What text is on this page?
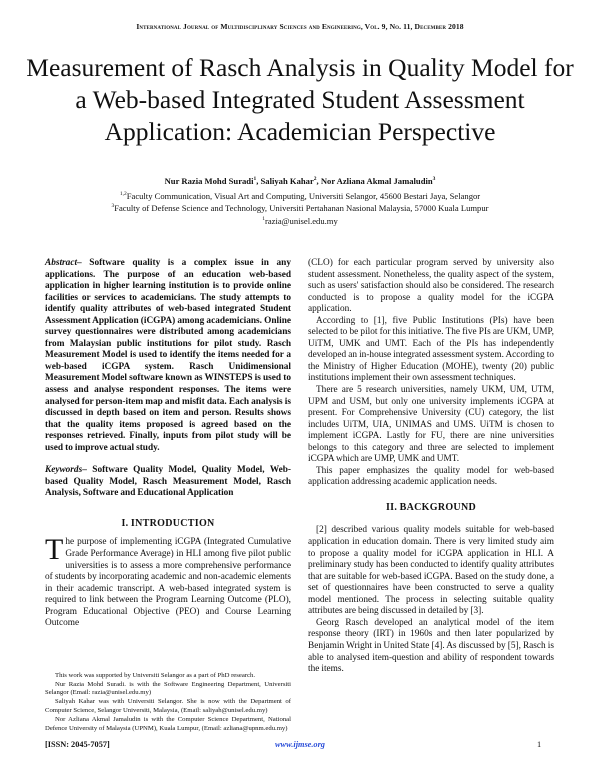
International Journal of Multidisciplinary Sciences and Engineering, Vol. 9, No. 11, December 2018
Measurement of Rasch Analysis in Quality Model for a Web-based Integrated Student Assessment Application: Academician Perspective
Nur Razia Mohd Suradi$^1$, Saliyah Kahar$^2$, Nor Azliana Akmal Jamaludin$^3$
$^{1,2}$Faculty Communication, Visual Art and Computing, Universiti Selangor, 45600 Bestari Jaya, Selangor
$^3$Faculty of Defense Science and Technology, Universiti Pertahanan Nasional Malaysia, 57000 Kuala Lumpur
$^1$razia@unisel.edu.my

Abstract– Software quality is a complex issue in any applications. The purpose of an education web-based application in higher learning institution is to provide online facilities or services to academicians. The study attempts to identify quality attributes of web-based integrated Student Assessment Application (iCGPA) among academicians. Online survey questionnaires were distributed among academicians from Malaysian public institutions for pilot study. Rasch Measurement Model is used to identify the items needed for a web-based iCGPA system. Rasch Unidimensional Measurement Model software known as WINSTEPS is used to assess and analyse respondent responses. The items were analysed for person-item map and misfit data. Each analysis is discussed in depth based on item and person. Results shows that the quality items proposed is agreed based on the responses retrieved. Finally, inputs from pilot study will be used to improve actual study.

Keywords– Software Quality Model, Quality Model, Web-based Quality Model, Rasch Measurement Model, Rasch Analysis, Software and Educational Application

I. INTRODUCTION

The purpose of implementing iCGPA (Integrated Cumulative Grade Performance Average) in HLI among five pilot public universities is to assess a more comprehensive performance of students by incorporating academic and non-academic elements in their academic transcript. A web-based integrated system is required to link between the Program Learning Outcome (PLO), Program Educational Objective (PEO) and Course Learning Outcome

This work was supported by Universiti Selangor as a part of PhD research.

Nur Razia Mohd Suradi. is with the Software Engineering Department, Universiti Selangor (Email: razia@unisel.edu.my)

Saliyah Kahar was with Universiti Selangor. She is now with the Department of Computer Science, Selangor Universiti, Malaysia, (Email: saliyah@unisel.edu.my)

Nor Azliana Akmal Jamaludin is with the Computer Science Department, National Defence University of Malaysia (UPNM), Kuala Lumpur, (Email: azliana@upnm.edu.my)

(CLO) for each particular program served by university also student assessment. Nonetheless, the quality aspect of the system, such as users' satisfaction should also be considered. The research conducted is to propose a quality model for the iCGPA application.

According to [1], five Public Institutions (PIs) have been selected to be pilot for this initiative. The five PIs are UKM, UMP, UiTM, UMK and UMT. Each of the PIs has independently developed an in-house integrated assessment system. According to the Ministry of Higher Education (MOHE), twenty (20) public institutions implement their own assessment techniques.

There are 5 research universities, namely UKM, UM, UTM, UPM and USM, but only one university implements iCGPA at present. For Comprehensive University (CU) category, the list includes UiTM, UIA, UNIMAS and UMS. UiTM is chosen to implement iCGPA. Lastly for FU, there are nine universities belongs to this category and three are selected to implement iCGPA which are UMP, UMK and UMT.

This paper emphasizes the quality model for web-based application addressing academic application needs.

II. BACKGROUND

[2] described various quality models suitable for web-based application in education domain. There is very limited study aim to propose a quality model for iCGPA application in HLI. A preliminary study has been conducted to identify quality attributes that are suitable for web-based iCGPA. Based on the study done, a set of questionnaires have been constructed to serve a quality model mentioned. The process in selecting suitable quality attributes are being discussed in detailed by [3].

Georg Rasch developed an analytical model of the item response theory (IRT) in 1960s and then later popularized by Benjamin Wright in United State [4]. As discussed by [5], Rasch is able to analysed item-question and ability of respondent towards the items.

[ISSN: 2045-7057]	www.ijmse.org	1
